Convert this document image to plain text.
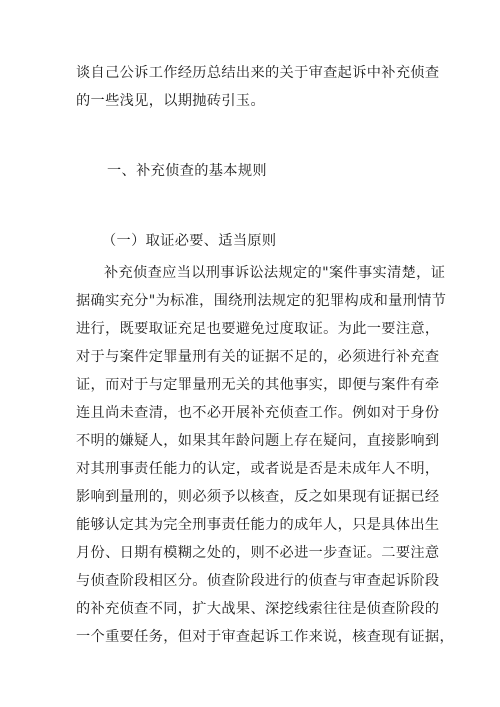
谈自己公诉工作经历总结出来的关于审查起诉中补充侦查
的一些浅见，以期抛砖引玉。
一、补充侦查的基本规则
（一）取证必要、适当原则
补充侦查应当以刑事诉讼法规定的"案件事实清楚，证
据确实充分"为标准，围绕刑法规定的犯罪构成和量刑情节
进行，既要取证充足也要避免过度取证。为此一要注意，
对于与案件定罪量刑有关的证据不足的，必须进行补充查
证，而对于与定罪量刑无关的其他事实，即便与案件有牵
连且尚未查清，也不必开展补充侦查工作。例如对于身份
不明的嫌疑人，如果其年龄问题上存在疑问，直接影响到
对其刑事责任能力的认定，或者说是否是未成年人不明，
影响到量刑的，则必须予以核查，反之如果现有证据已经
能够认定其为完全刑事责任能力的成年人，只是具体出生
月份、日期有模糊之处的，则不必进一步查证。二要注意
与侦查阶段相区分。侦查阶段进行的侦查与审查起诉阶段
的补充侦查不同，扩大战果、深挖线索往往是侦查阶段的
一个重要任务，但对于审查起诉工作来说，核查现有证据，
